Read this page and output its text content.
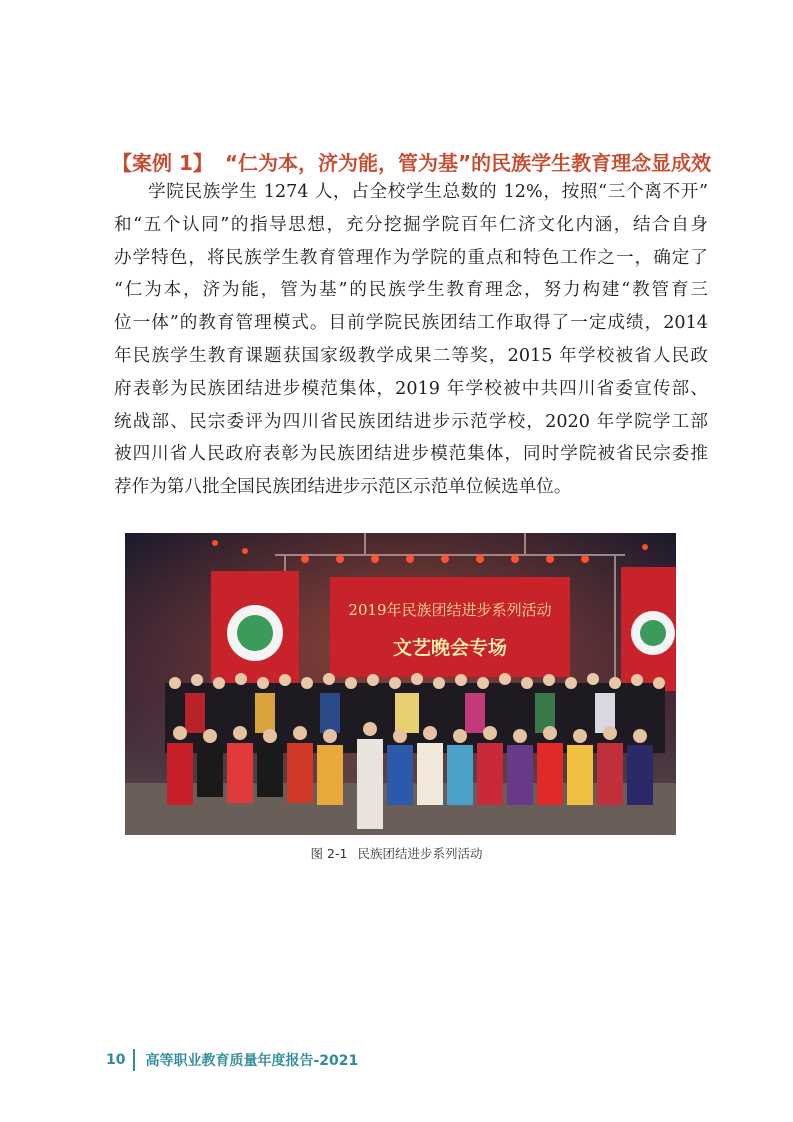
【案例 1】 “仁为本，济为能，管为基”的民族学生教育理念显成效
学院民族学生 1274 人，占全校学生总数的 12%，按照“三个离不开”
和“五个认同”的指导思想，充分挖掘学院百年仁济文化内涵，结合自身
办学特色，将民族学生教育管理作为学院的重点和特色工作之一，确定了
“仁为本，济为能，管为基”的民族学生教育理念，努力构建“教管育三
位一体”的教育管理模式。目前学院民族团结工作取得了一定成绩，2014
年民族学生教育课题获国家级教学成果二等奖，2015 年学校被省人民政
府表彰为民族团结进步模范集体，2019 年学校被中共四川省委宣传部、
统战部、民宗委评为四川省民族团结进步示范学校，2020 年学院学工部
被四川省人民政府表彰为民族团结进步模范集体，同时学院被省民宗委推
荐作为第八批全国民族团结进步示范区示范单位候选单位。
2019年民族团结进步系列活动
文艺晚会专场
图 2-1 民族团结进步系列活动
10 高等职业教育质量年度报告-2021
